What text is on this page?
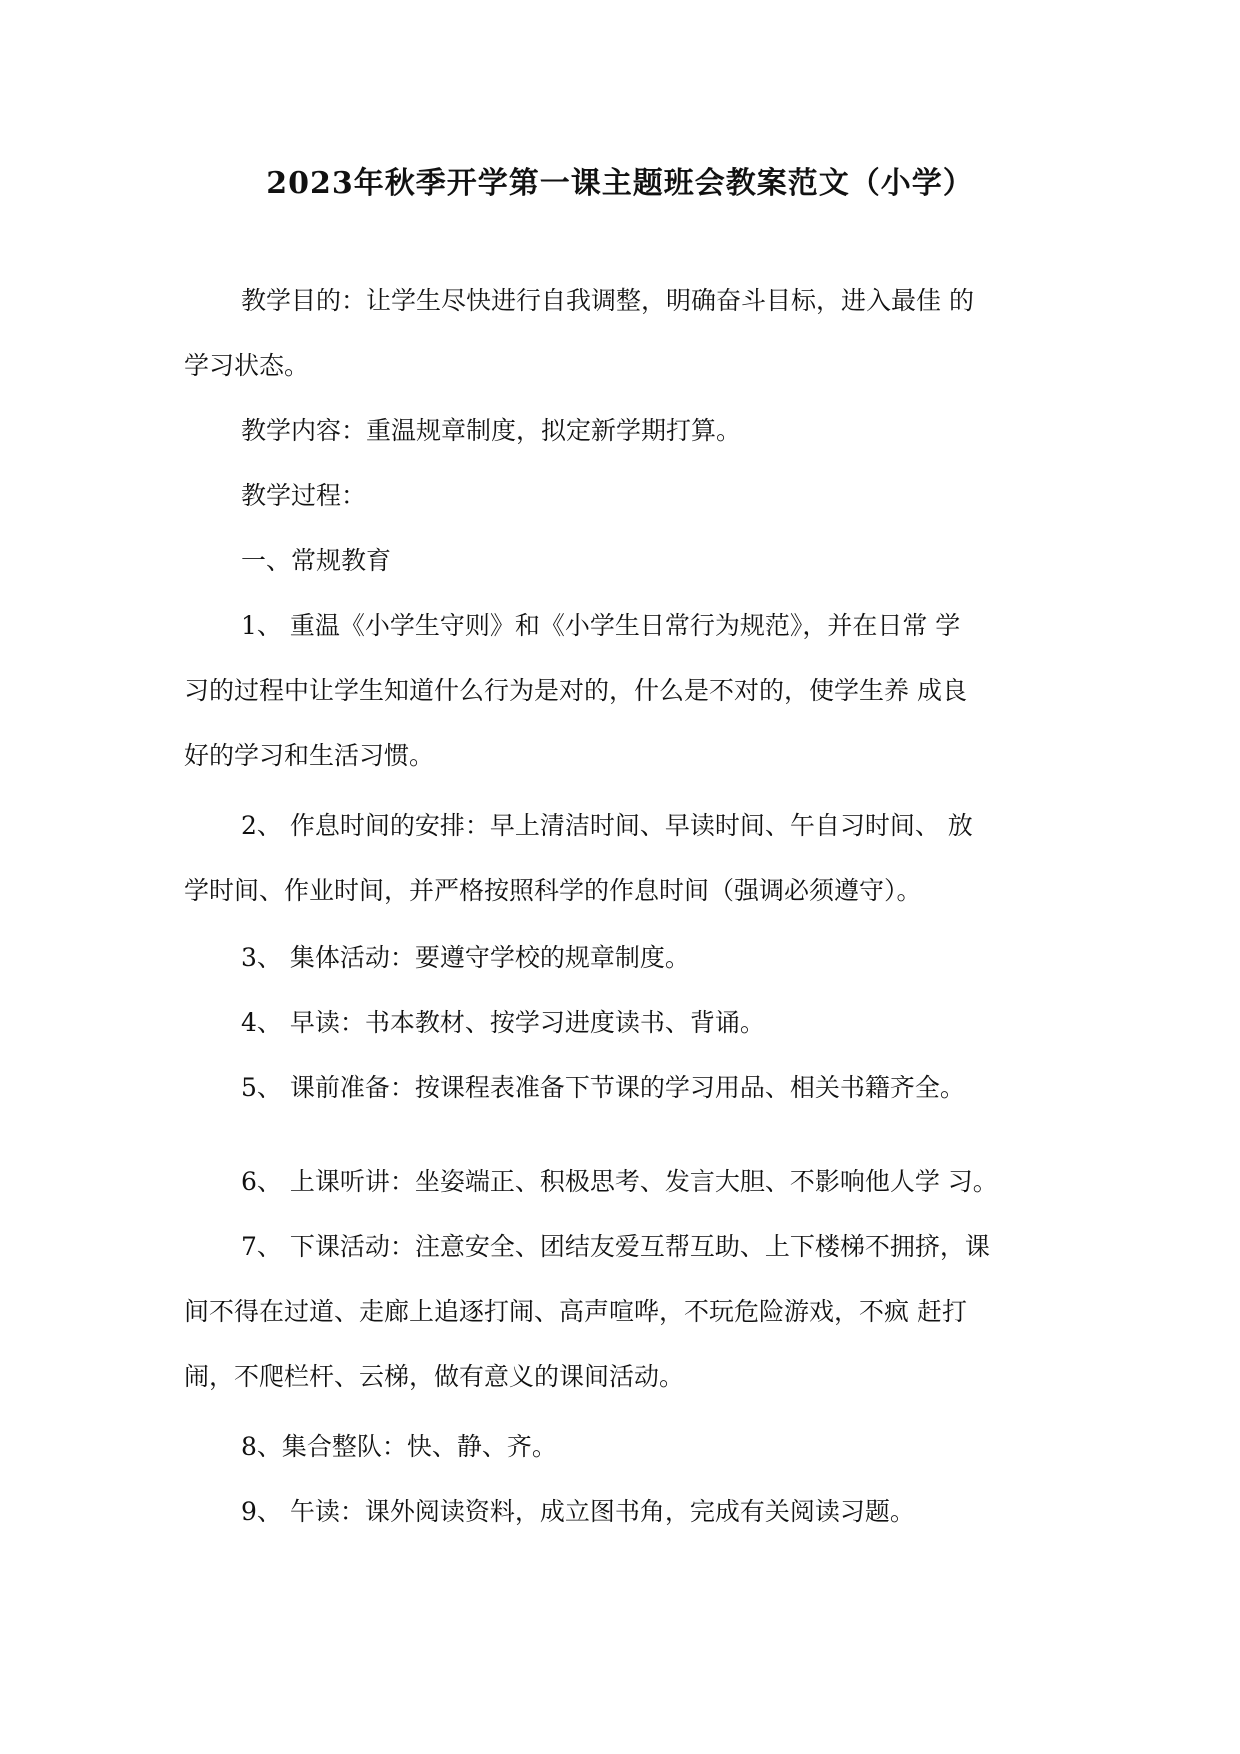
2023年秋季开学第一课主题班会教案范文（小学）
教学目的：让学生尽快进行自我调整，明确奋斗目标，进入最佳 的
学习状态。
教学内容：重温规章制度，拟定新学期打算。
教学过程：
一、常规教育
1、 重温《小学生守则》和《小学生日常行为规范》，并在日常 学
习的过程中让学生知道什么行为是对的，什么是不对的，使学生养 成良
好的学习和生活习惯。
2、 作息时间的安排：早上清洁时间、早读时间、午自习时间、 放
学时间、作业时间，并严格按照科学的作息时间（强调必须遵守）。
3、 集体活动：要遵守学校的规章制度。
4、 早读：书本教材、按学习进度读书、背诵。
5、 课前准备：按课程表准备下节课的学习用品、相关书籍齐全。
6、 上课听讲：坐姿端正、积极思考、发言大胆、不影响他人学 习。
7、 下课活动：注意安全、团结友爱互帮互助、上下楼梯不拥挤，课
间不得在过道、走廊上追逐打闹、高声喧哗，不玩危险游戏，不疯 赶打
闹，不爬栏杆、云梯，做有意义的课间活动。
8、集合整队：快、静、齐。
9、 午读：课外阅读资料，成立图书角，完成有关阅读习题。
